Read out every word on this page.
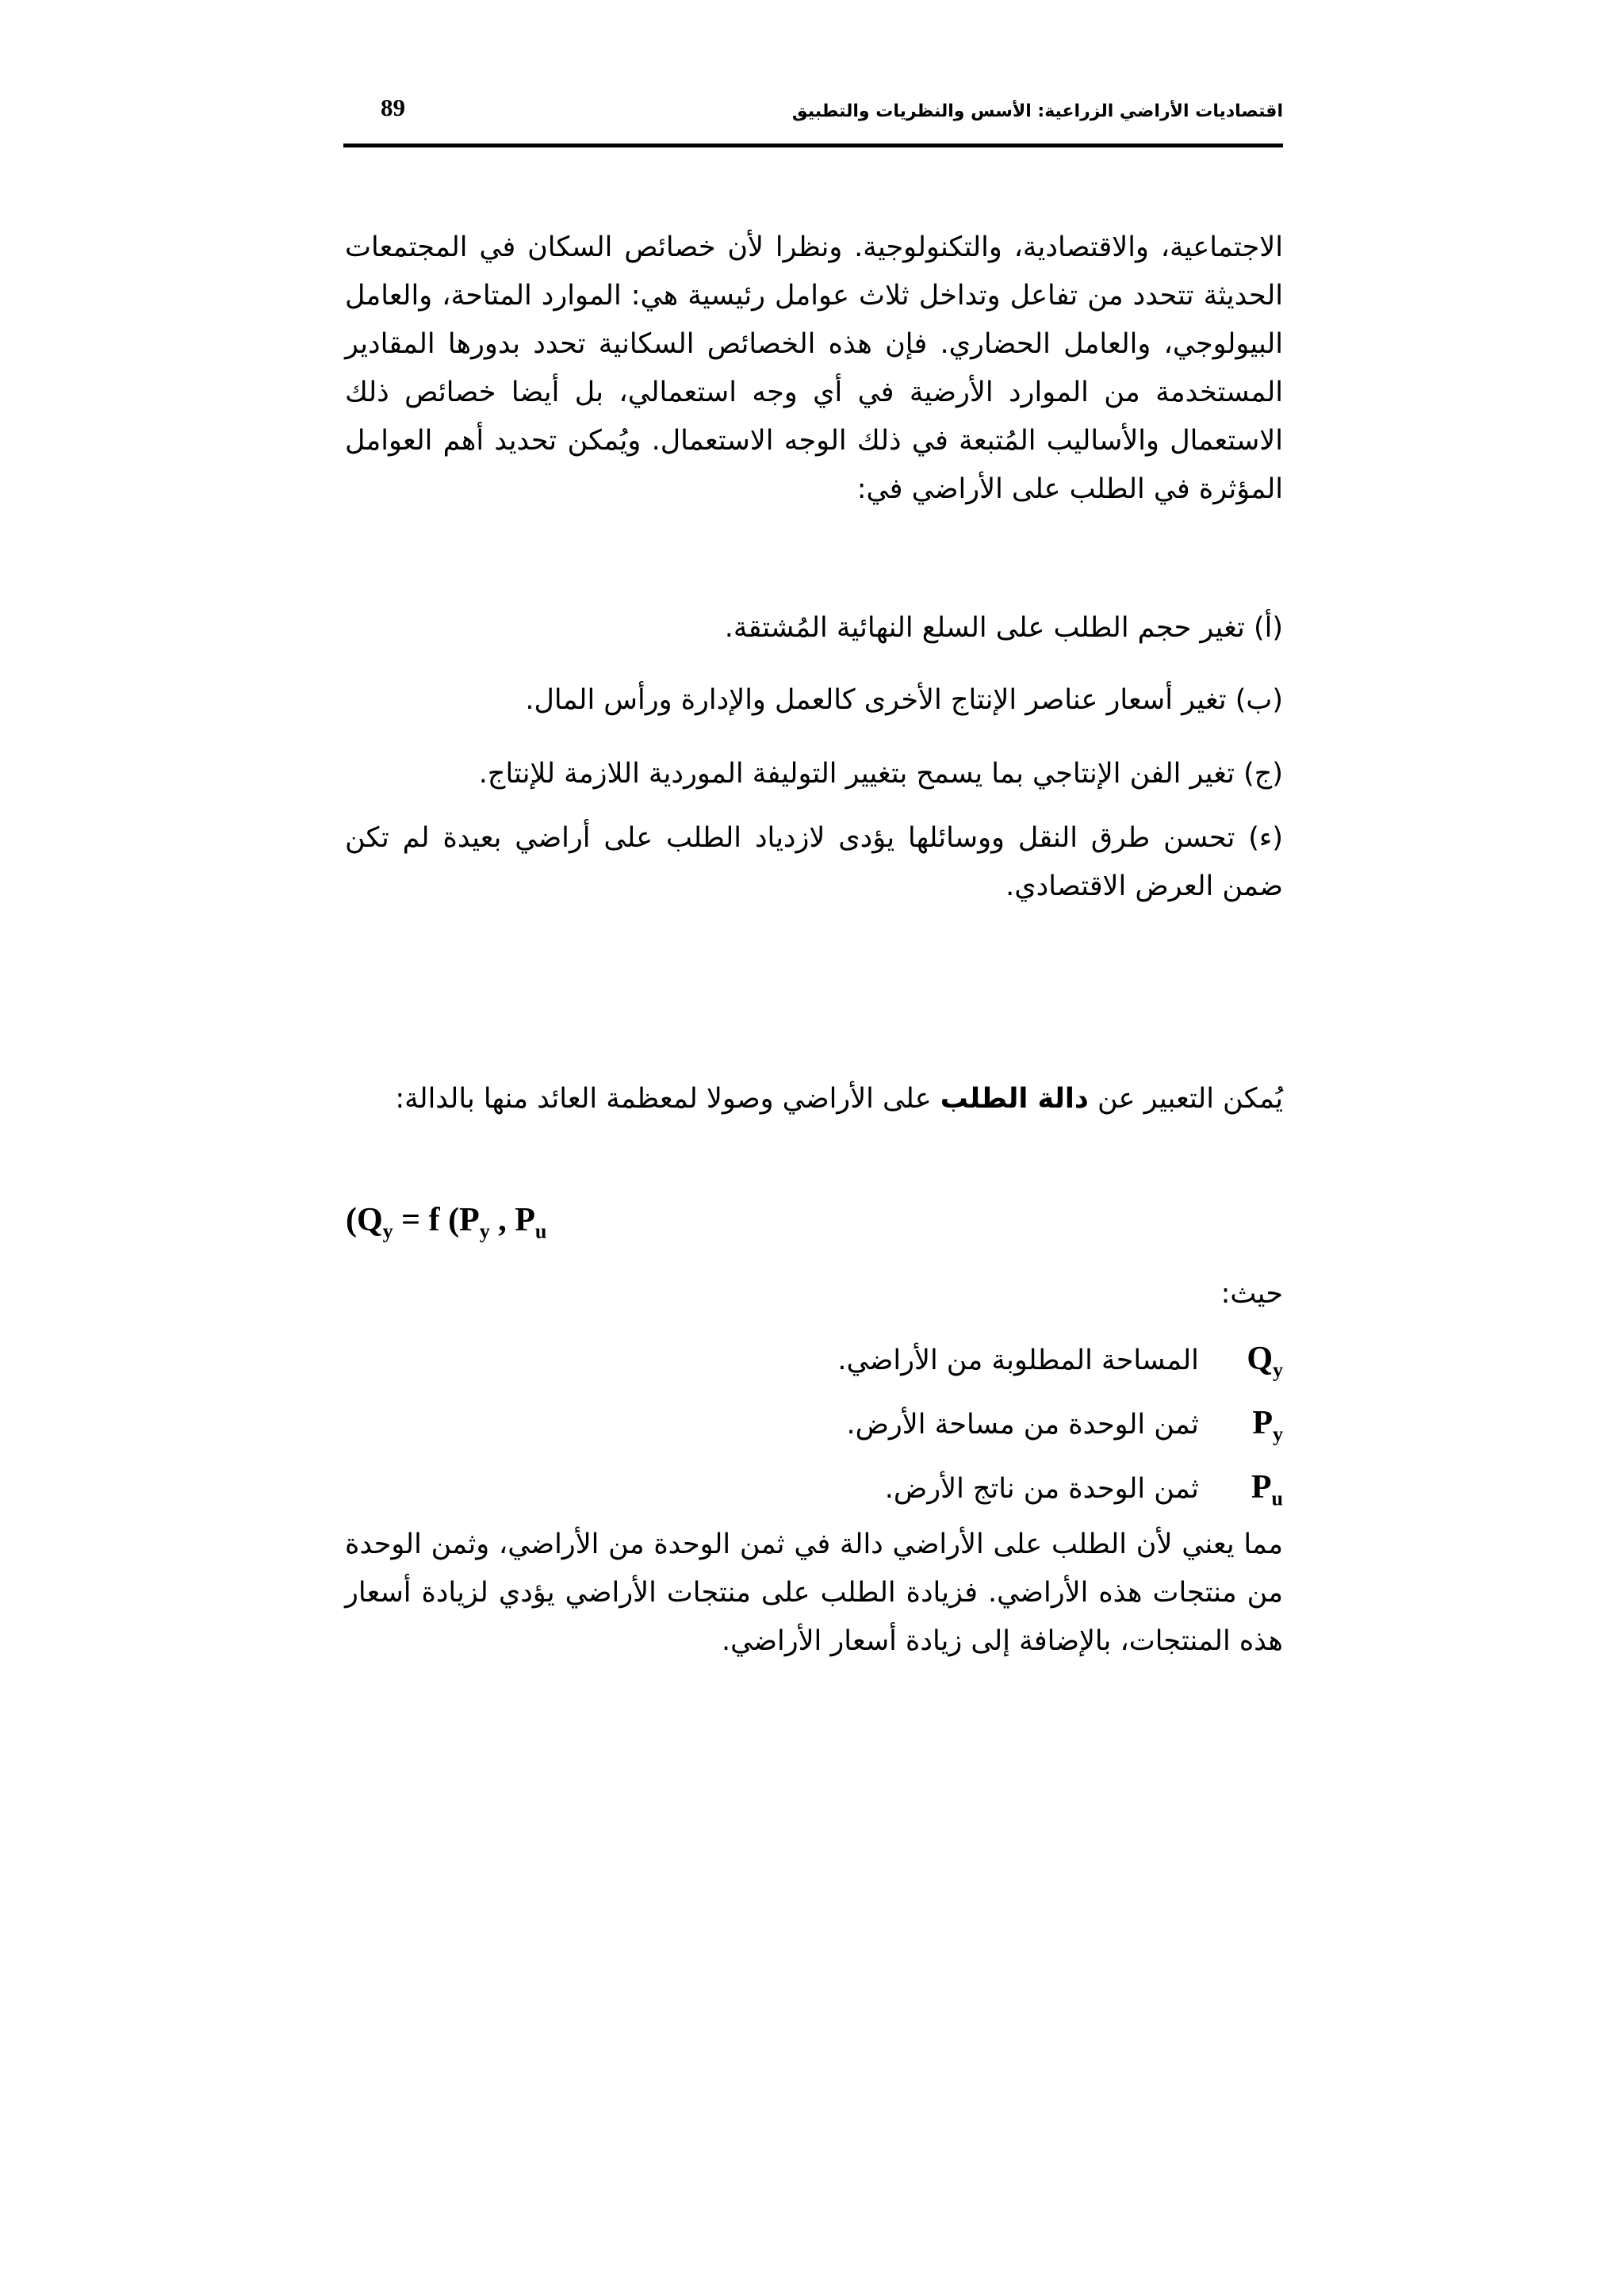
اقتصاديات الأراضي الزراعية: الأسس والنظريات والتطبيق
89

الاجتماعية، والاقتصادية، والتكنولوجية. ونظرا لأن خصائص السكان في المجتمعات الحديثة تتحدد من تفاعل وتداخل ثلاث عوامل رئيسية هي: الموارد المتاحة، والعامل البيولوجي، والعامل الحضاري. فإن هذه الخصائص السكانية تحدد بدورها المقادير المستخدمة من الموارد الأرضية في أي وجه استعمالي، بل أيضا خصائص ذلك الاستعمال والأساليب المُتبعة في ذلك الوجه الاستعمال. ويُمكن تحديد أهم العوامل المؤثرة في الطلب على الأراضي في:

(أ) تغير حجم الطلب على السلع النهائية المُشتقة.
(ب) تغير أسعار عناصر الإنتاج الأخرى كالعمل والإدارة ورأس المال.
(ج) تغير الفن الإنتاجي بما يسمح بتغيير التوليفة الموردية اللازمة للإنتاج.

(ء) تحسن طرق النقل ووسائلها يؤدى لازدياد الطلب على أراضي بعيدة لم تكن ضمن العرض الاقتصادي.

يُمكن التعبير عن دالة الطلب على الأراضي وصولا لمعظمة العائد منها بالدالة:

($Q_y = f$ ($P_y$ , $P_u$
حيث:
$Q_y$ المساحة المطلوبة من الأراضي.
$P_y$ ثمن الوحدة من مساحة الأرض.
$P_u$ ثمن الوحدة من ناتج الأرض.

مما يعني لأن الطلب على الأراضي دالة في ثمن الوحدة من الأراضي، وثمن الوحدة من منتجات هذه الأراضي. فزيادة الطلب على منتجات الأراضي يؤدي لزيادة أسعار هذه المنتجات، بالإضافة إلى زيادة أسعار الأراضي.
